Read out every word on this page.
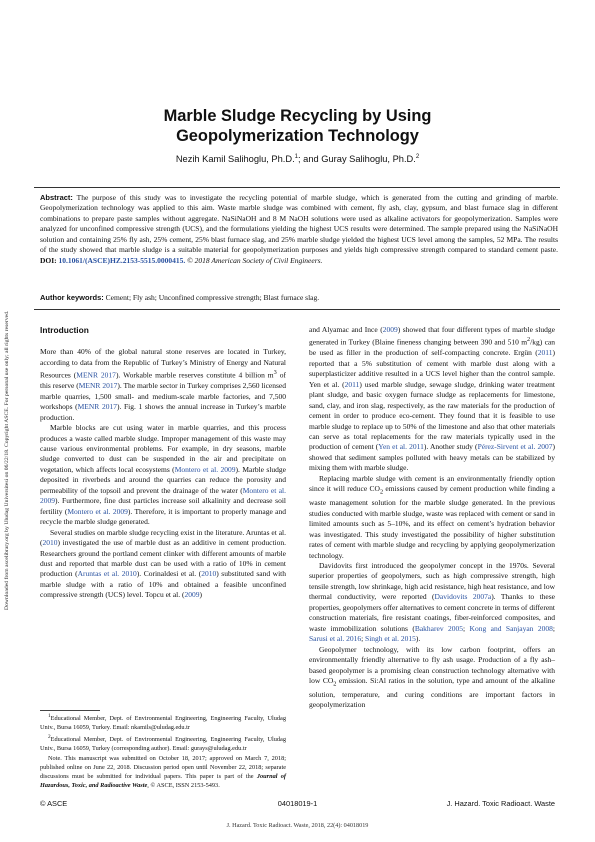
Downloaded from ascelibrary.org by Uludag Universitesi on 06/22/18. Copyright ASCE. For personal use only; all rights reserved.
Marble Sludge Recycling by Using
Geopolymerization Technology
Nezih Kamil Salihoglu, Ph.D.$^1$; and Guray Salihoglu, Ph.D.$^2$
Abstract: The purpose of this study was to investigate the recycling potential of marble sludge, which is generated from the cutting and grinding of marble. Geopolymerization technology was applied to this aim. Waste marble sludge was combined with cement, fly ash, clay, gypsum, and blast furnace slag in different combinations to prepare paste samples without aggregate. NaSiNaOH and 8 M NaOH solutions were used as alkaline activators for geopolymerization. Samples were analyzed for unconfined compressive strength (UCS), and the formulations yielding the highest UCS results were determined. The sample prepared using the NaSiNaOH solution and containing 25% fly ash, 25% cement, 25% blast furnace slag, and 25% marble sludge yielded the highest UCS level among the samples, 52 MPa. The results of the study showed that marble sludge is a suitable material for geopolymerization purposes and yields high compressive strength compared to standard cement paste. DOI: 10.1061/(ASCE)HZ.2153-5515.0000415. © 2018 American Society of Civil Engineers.
Author keywords: Cement; Fly ash; Unconfined compressive strength; Blast furnace slag.
Introduction

More than 40% of the global natural stone reserves are located in Turkey, according to data from the Republic of Turkey’s Ministry of Energy and Natural Resources (MENR 2017). Workable marble reserves constitute 4 billion $m^3$ of this reserve (MENR 2017). The marble sector in Turkey comprises 2,560 licensed marble quarries, 1,500 small- and medium-scale marble factories, and 7,500 workshops (MENR 2017). Fig. 1 shows the annual increase in Turkey’s marble production.

Marble blocks are cut using water in marble quarries, and this process produces a waste called marble sludge. Improper management of this waste may cause various environmental problems. For example, in dry seasons, marble sludge converted to dust can be suspended in the air and precipitate on vegetation, which affects local ecosystems (Montero et al. 2009). Marble sludge deposited in riverbeds and around the quarries can reduce the porosity and permeability of the topsoil and prevent the drainage of the water (Montero et al. 2009). Furthermore, fine dust particles increase soil alkalinity and decrease soil fertility (Montero et al. 2009). Therefore, it is important to properly manage and recycle the marble sludge generated.

Several studies on marble sludge recycling exist in the literature. Aruntas et al. (2010) investigated the use of marble dust as an additive in cement production. Researchers ground the portland cement clinker with different amounts of marble dust and reported that marble dust can be used with a ratio of 10% in cement production (Aruntas et al. 2010). Corinaldesi et al. (2010) substituted sand with marble sludge with a ratio of 10% and obtained a feasible unconfined compressive strength (UCS) level. Topcu et al. (2009)

$^1$Educational Member, Dept. of Environmental Engineering, Engineering Faculty, Uludag Univ., Bursa 16059, Turkey. Email: nkamils@uludag.edu.tr

$^2$Educational Member, Dept. of Environmental Engineering, Engineering Faculty, Uludag Univ., Bursa 16059, Turkey (corresponding author). Email: gurays@uludag.edu.tr

Note. This manuscript was submitted on October 18, 2017; approved on March 7, 2018; published online on June 22, 2018. Discussion period open until November 22, 2018; separate discussions must be submitted for individual papers. This paper is part of the Journal of Hazardous, Toxic, and Radioactive Waste, © ASCE, ISSN 2153-5493.

and Alyamac and Ince (2009) showed that four different types of marble sludge generated in Turkey (Blaine fineness changing between 390 and 510 $m^2/kg$) can be used as filler in the production of self-compacting concrete. Ergün (2011) reported that a 5% substitution of cement with marble dust along with a superplasticizer additive resulted in a UCS level higher than the control sample. Yen et al. (2011) used marble sludge, sewage sludge, drinking water treatment plant sludge, and basic oxygen furnace sludge as replacements for limestone, sand, clay, and iron slag, respectively, as the raw materials for the production of cement in order to produce eco-cement. They found that it is feasible to use marble sludge to replace up to 50% of the limestone and also that other materials can serve as total replacements for the raw materials typically used in the production of cement (Yen et al. 2011). Another study (Pérez-Sirvent et al. 2007) showed that sediment samples polluted with heavy metals can be stabilized by mixing them with marble sludge.

Replacing marble sludge with cement is an environmentally friendly option since it will reduce $CO_2$ emissions caused by cement production while finding a waste management solution for the marble sludge generated. In the previous studies conducted with marble sludge, waste was replaced with cement or sand in limited amounts such as 5–10%, and its effect on cement’s hydration behavior was investigated. This study investigated the possibility of higher substitution rates of cement with marble sludge and recycling by applying geopolymerization technology.

Davidovits first introduced the geopolymer concept in the 1970s. Several superior properties of geopolymers, such as high compressive strength, high tensile strength, low shrinkage, high acid resistance, high heat resistance, and low thermal conductivity, were reported (Davidovits 2007a). Thanks to these properties, geopolymers offer alternatives to cement concrete in terms of different construction materials, fire resistant coatings, fiber-reinforced composites, and waste immobilization solutions (Bakharev 2005; Kong and Sanjayan 2008; Sarusi et al. 2016; Singh et al. 2015).

Geopolymer technology, with its low carbon footprint, offers an environmentally friendly alternative to fly ash usage. Production of a fly ash–based geopolymer is a promising clean construction technology alternative with low $CO_2$ emission. Si:Al ratios in the solution, type and amount of the alkaline solution, temperature, and curing conditions are important factors in geopolymerization

© ASCE	04018019-1	J. Hazard. Toxic Radioact. Waste
J. Hazard. Toxic Radioact. Waste, 2018, 22(4): 04018019
